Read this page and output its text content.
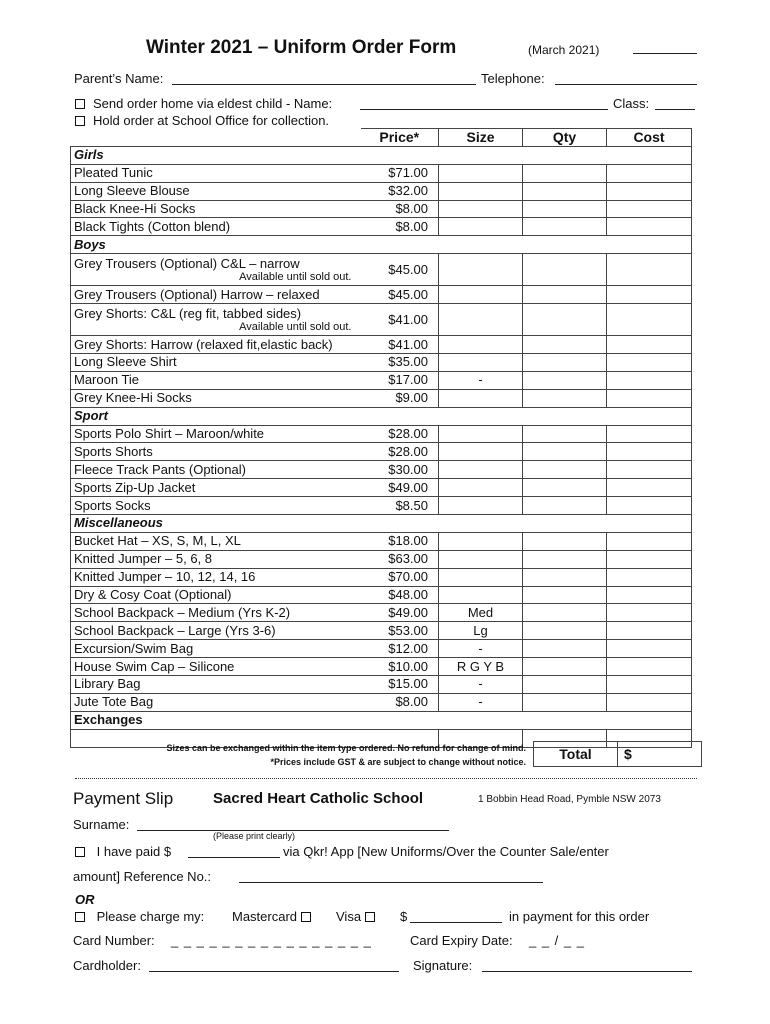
Winter 2021 – Uniform Order Form	(March 2021)
Parent’s Name:	Telephone:
Send order home via eldest child - Name:	Class:
Hold order at School Office for collection.
	Price*	Size	Qty	Cost
Girls				
Pleated Tunic	$71.00			
Long Sleeve Blouse	$32.00			
Black Knee-Hi Socks	$8.00			
Black Tights (Cotton blend)	$8.00			
Boys				

Grey Trousers (Optional) C&L – narrow
Available until sold out.	$45.00			
Grey Trousers (Optional) Harrow – relaxed	$45.00			

Grey Shorts: C&L (reg fit, tabbed sides)
Available until sold out.	$41.00			
Grey Shorts: Harrow (relaxed fit,elastic back)	$41.00			
Long Sleeve Shirt	$35.00			
Maroon Tie	$17.00	-		
Grey Knee-Hi Socks	$9.00			
Sport				
Sports Polo Shirt – Maroon/white	$28.00			
Sports Shorts	$28.00			
Fleece Track Pants (Optional)	$30.00			
Sports Zip-Up Jacket	$49.00			
Sports Socks	$8.50			
Miscellaneous				
Bucket Hat – XS, S, M, L, XL	$18.00			
Knitted Jumper – 5, 6, 8	$63.00			
Knitted Jumper – 10, 12, 14, 16	$70.00			
Dry & Cosy Coat (Optional)	$48.00			
School Backpack – Medium (Yrs K-2)	$49.00	Med		
School Backpack – Large (Yrs 3-6)	$53.00	Lg		
Excursion/Swim Bag	$12.00	-		
House Swim Cap – Silicone	$10.00	R G Y B		
Library Bag	$15.00	-		
Jute Tote Bag	$8.00	-		
Exchanges				

Sizes can be exchanged within the item type ordered. No refund for change of mind.
*Prices include GST & are subject to change without notice.	Total	$
Payment Slip	Sacred Heart Catholic School	1 Bobbin Head Road, Pymble NSW 2073
Surname:
(Please print clearly)
I have paid $	via Qkr! App [New Uniforms/Over the Counter Sale/enter
amount] Reference No.:
OR
Please charge my: Mastercard	Visa	$	in payment for this order
Card Number: _ _ _ _ _ _ _ _ _ _ _ _ _ _ _ _	Card Expiry Date: _ _ / _ _
Cardholder:	Signature:
